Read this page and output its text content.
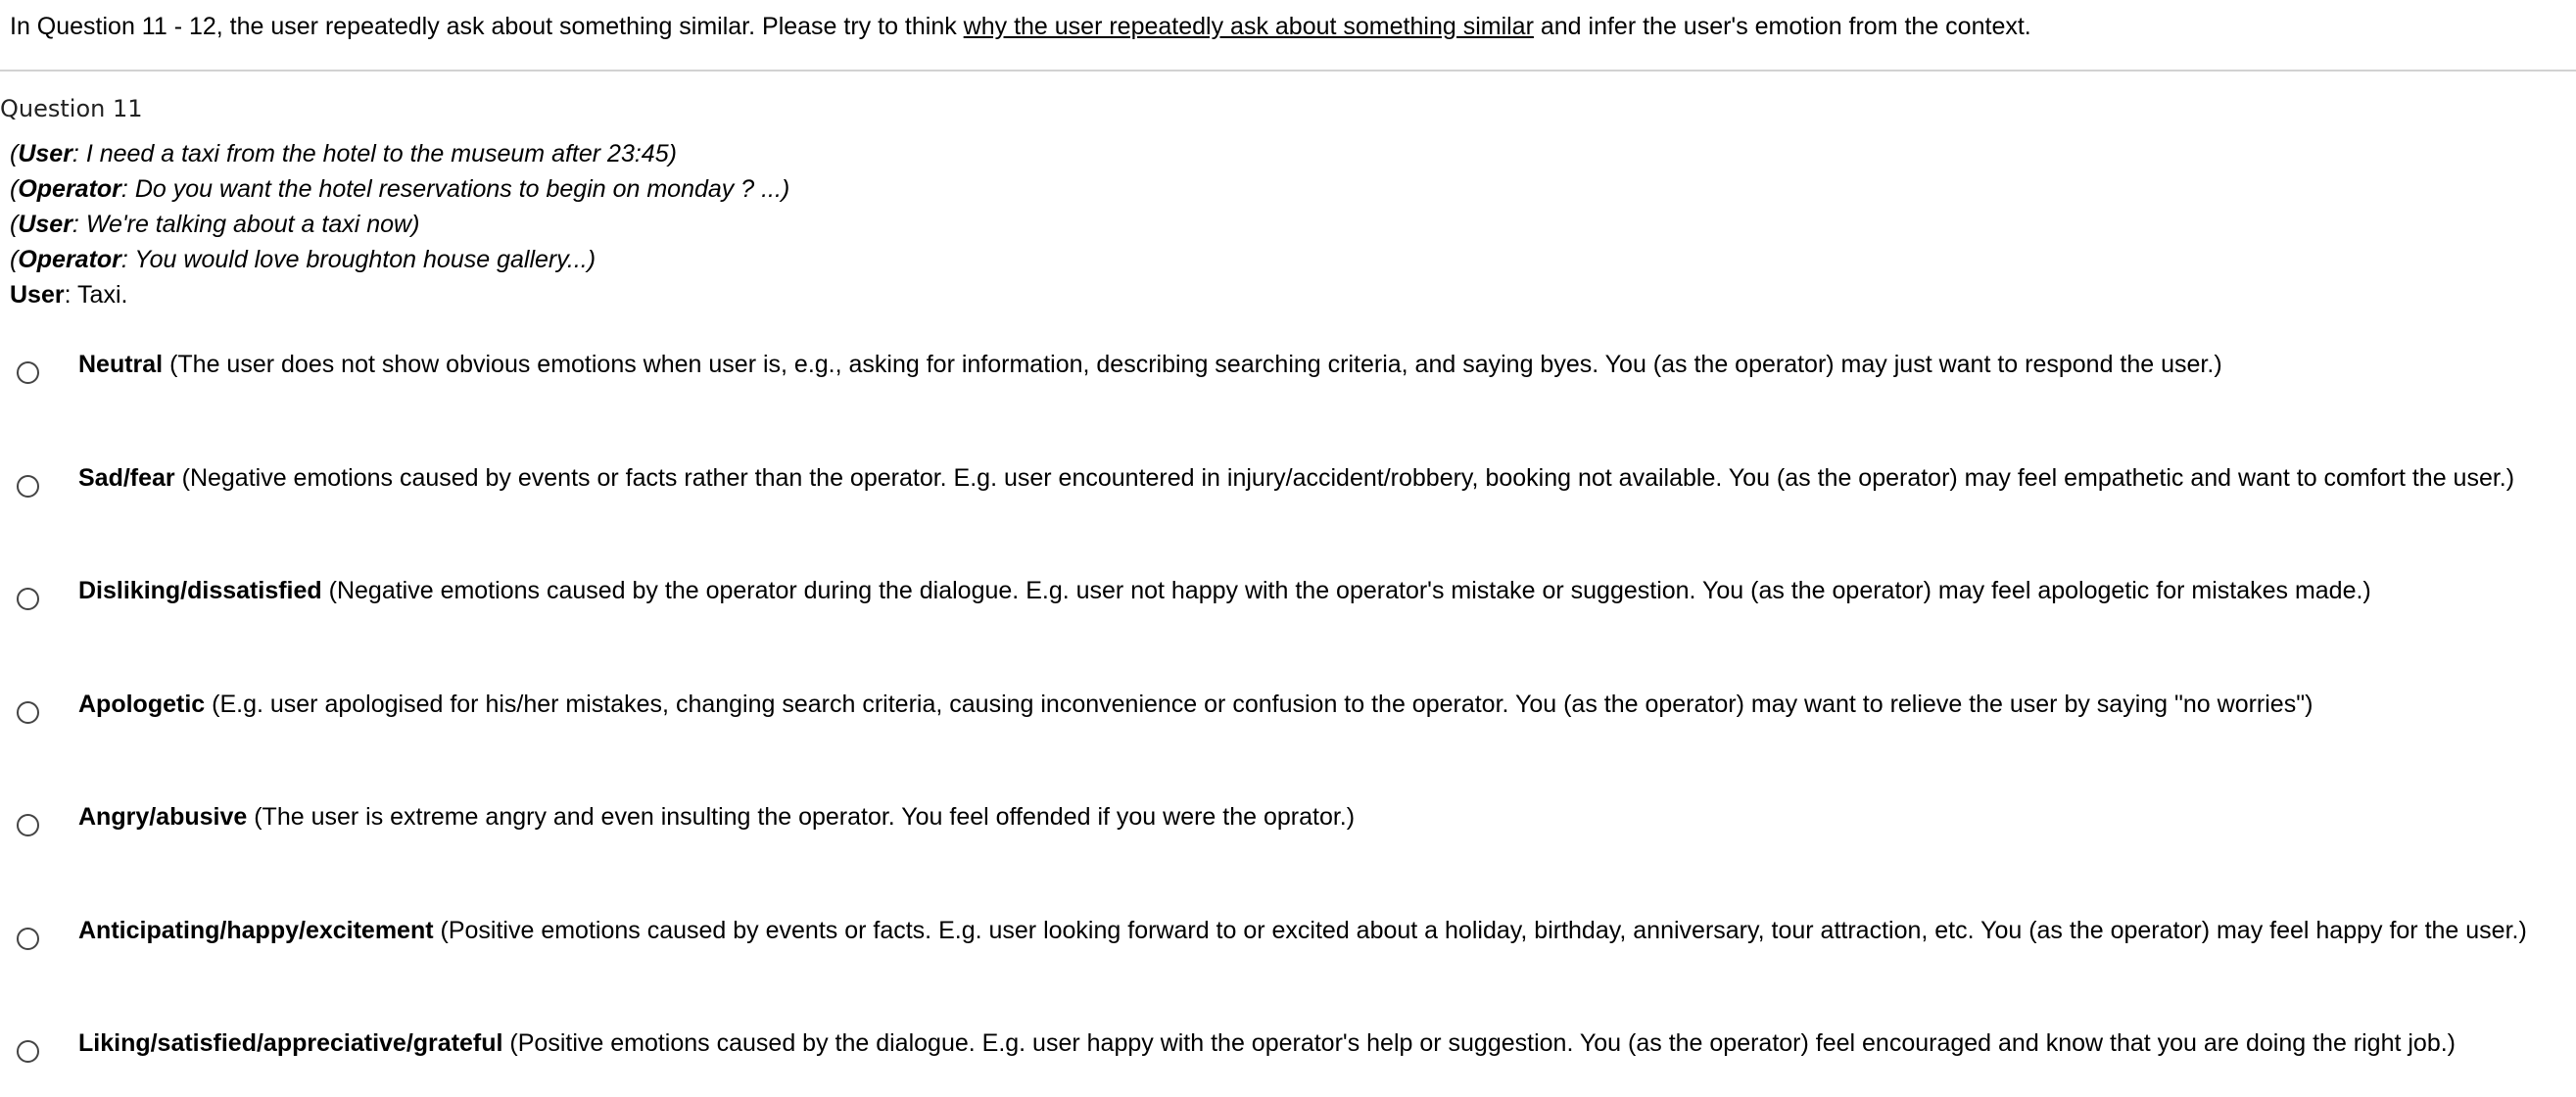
In Question 11 - 12, the user repeatedly ask about something similar. Please try to think why the user repeatedly ask about something similar and infer the user's emotion from the context.
Question 11
(User: I need a taxi from the hotel to the museum after 23:45)
(Operator: Do you want the hotel reservations to begin on monday ? ...)
(User: We're talking about a taxi now)
(Operator: You would love broughton house gallery...)
User: Taxi.
Neutral (The user does not show obvious emotions when user is, e.g., asking for information, describing searching criteria, and saying byes. You (as the operator) may just want to respond the user.)
Sad/fear (Negative emotions caused by events or facts rather than the operator. E.g. user encountered in injury/accident/robbery, booking not available. You (as the operator) may feel empathetic and want to comfort the user.)
Disliking/dissatisfied (Negative emotions caused by the operator during the dialogue. E.g. user not happy with the operator's mistake or suggestion. You (as the operator) may feel apologetic for mistakes made.)
Apologetic (E.g. user apologised for his/her mistakes, changing search criteria, causing inconvenience or confusion to the operator. You (as the operator) may want to relieve the user by saying "no worries")
Angry/abusive (The user is extreme angry and even insulting the operator. You feel offended if you were the oprator.)
Anticipating/happy/excitement (Positive emotions caused by events or facts. E.g. user looking forward to or excited about a holiday, birthday, anniversary, tour attraction, etc. You (as the operator) may feel happy for the user.)
Liking/satisfied/appreciative/grateful (Positive emotions caused by the dialogue. E.g. user happy with the operator's help or suggestion. You (as the operator) feel encouraged and know that you are doing the right job.)
